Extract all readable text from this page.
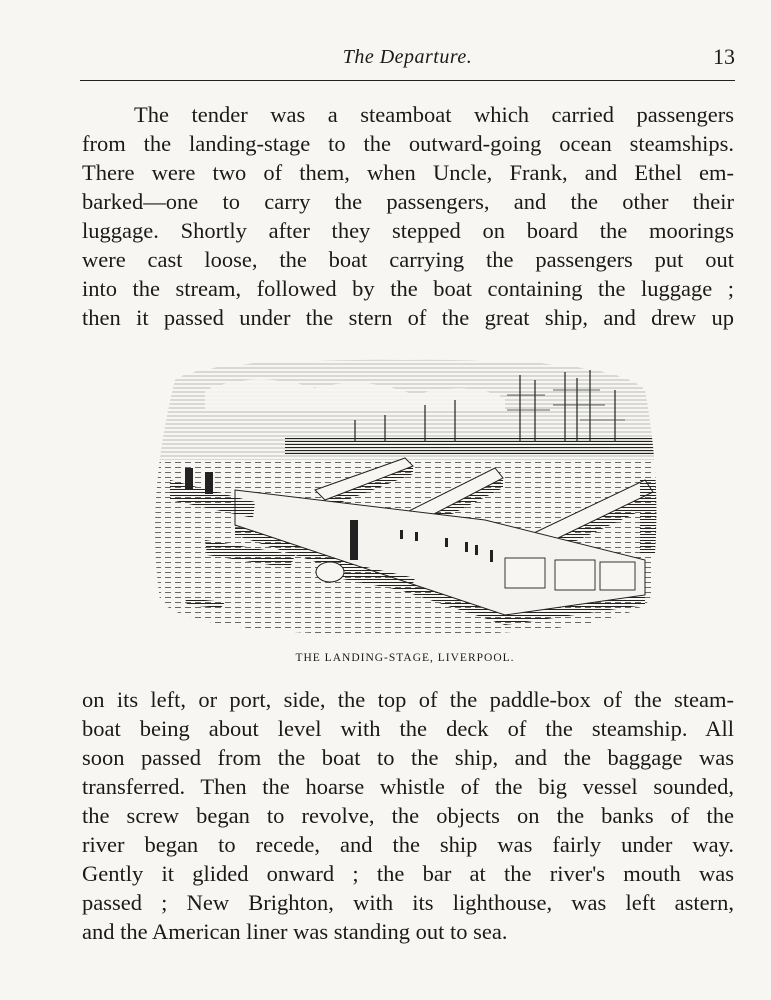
The Departure.	13
The tender was a steamboat which carried passengers
from the landing-stage to the outward-going ocean steamships.
There were two of them, when Uncle, Frank, and Ethel em-
barked—one to carry the passengers, and the other their
luggage. Shortly after they stepped on board the moorings
were cast loose, the boat carrying the passengers put out
into the stream, followed by the boat containing the luggage ;
then it passed under the stern of the great ship, and drew up
THE LANDING-STAGE, LIVERPOOL.
on its left, or port, side, the top of the paddle-box of the steam-
boat being about level with the deck of the steamship. All
soon passed from the boat to the ship, and the baggage was
transferred. Then the hoarse whistle of the big vessel sounded,
the screw began to revolve, the objects on the banks of the
river began to recede, and the ship was fairly under way.
Gently it glided onward ; the bar at the river's mouth was
passed ; New Brighton, with its lighthouse, was left astern,
and the American liner was standing out to sea.
